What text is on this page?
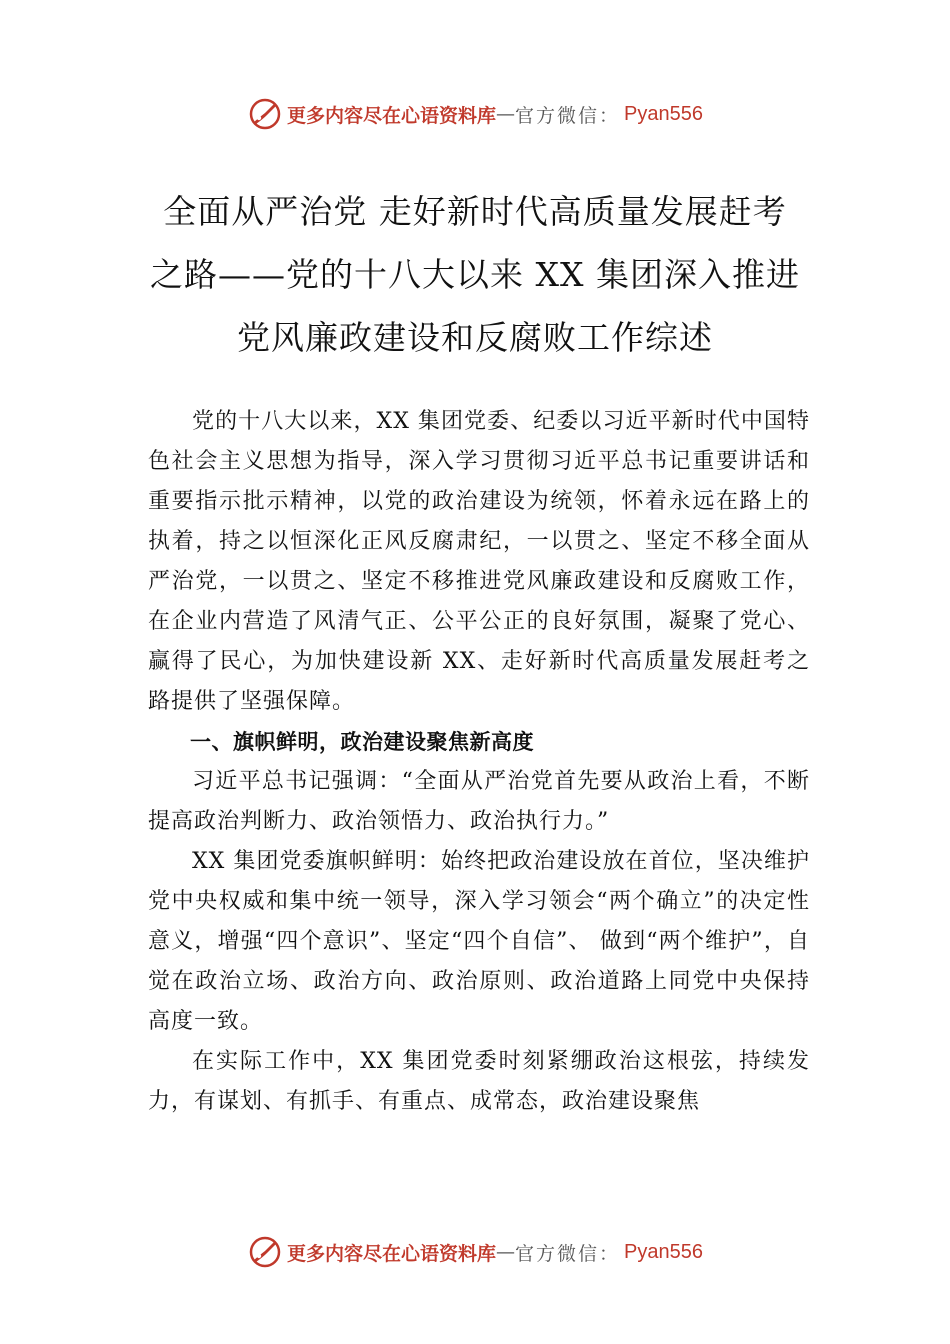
更多内容尽在心语资料库 — 官方微信： Pyan556
全面从严治党 走好新时代高质量发展赶考之路——党的十八大以来 XX 集团深入推进党风廉政建设和反腐败工作综述

党的十八大以来，XX 集团党委、纪委以习近平新时代中国特色社会主义思想为指导，深入学习贯彻习近平总书记重要讲话和重要指示批示精神，以党的政治建设为统领，怀着永远在路上的执着，持之以恒深化正风反腐肃纪，一以贯之、坚定不移全面从严治党，一以贯之、坚定不移推进党风廉政建设和反腐败工作，在企业内营造了风清气正、公平公正的良好氛围，凝聚了党心、赢得了民心，为加快建设新 XX、走好新时代高质量发展赶考之路提供了坚强保障。

一、旗帜鲜明，政治建设聚焦新高度

习近平总书记强调：“全面从严治党首先要从政治上看，不断提高政治判断力、政治领悟力、政治执行力。”

XX 集团党委旗帜鲜明：始终把政治建设放在首位，坚决维护党中央权威和集中统一领导，深入学习领会“两个确立”的决定性意义，增强“四个意识”、坚定“四个自信”、 做到“两个维护”，自觉在政治立场、政治方向、政治原则、政治道路上同党中央保持高度一致。

在实际工作中，XX 集团党委时刻紧绷政治这根弦，持续发力，有谋划、有抓手、有重点、成常态，政治建设聚焦

更多内容尽在心语资料库 — 官方微信： Pyan556
